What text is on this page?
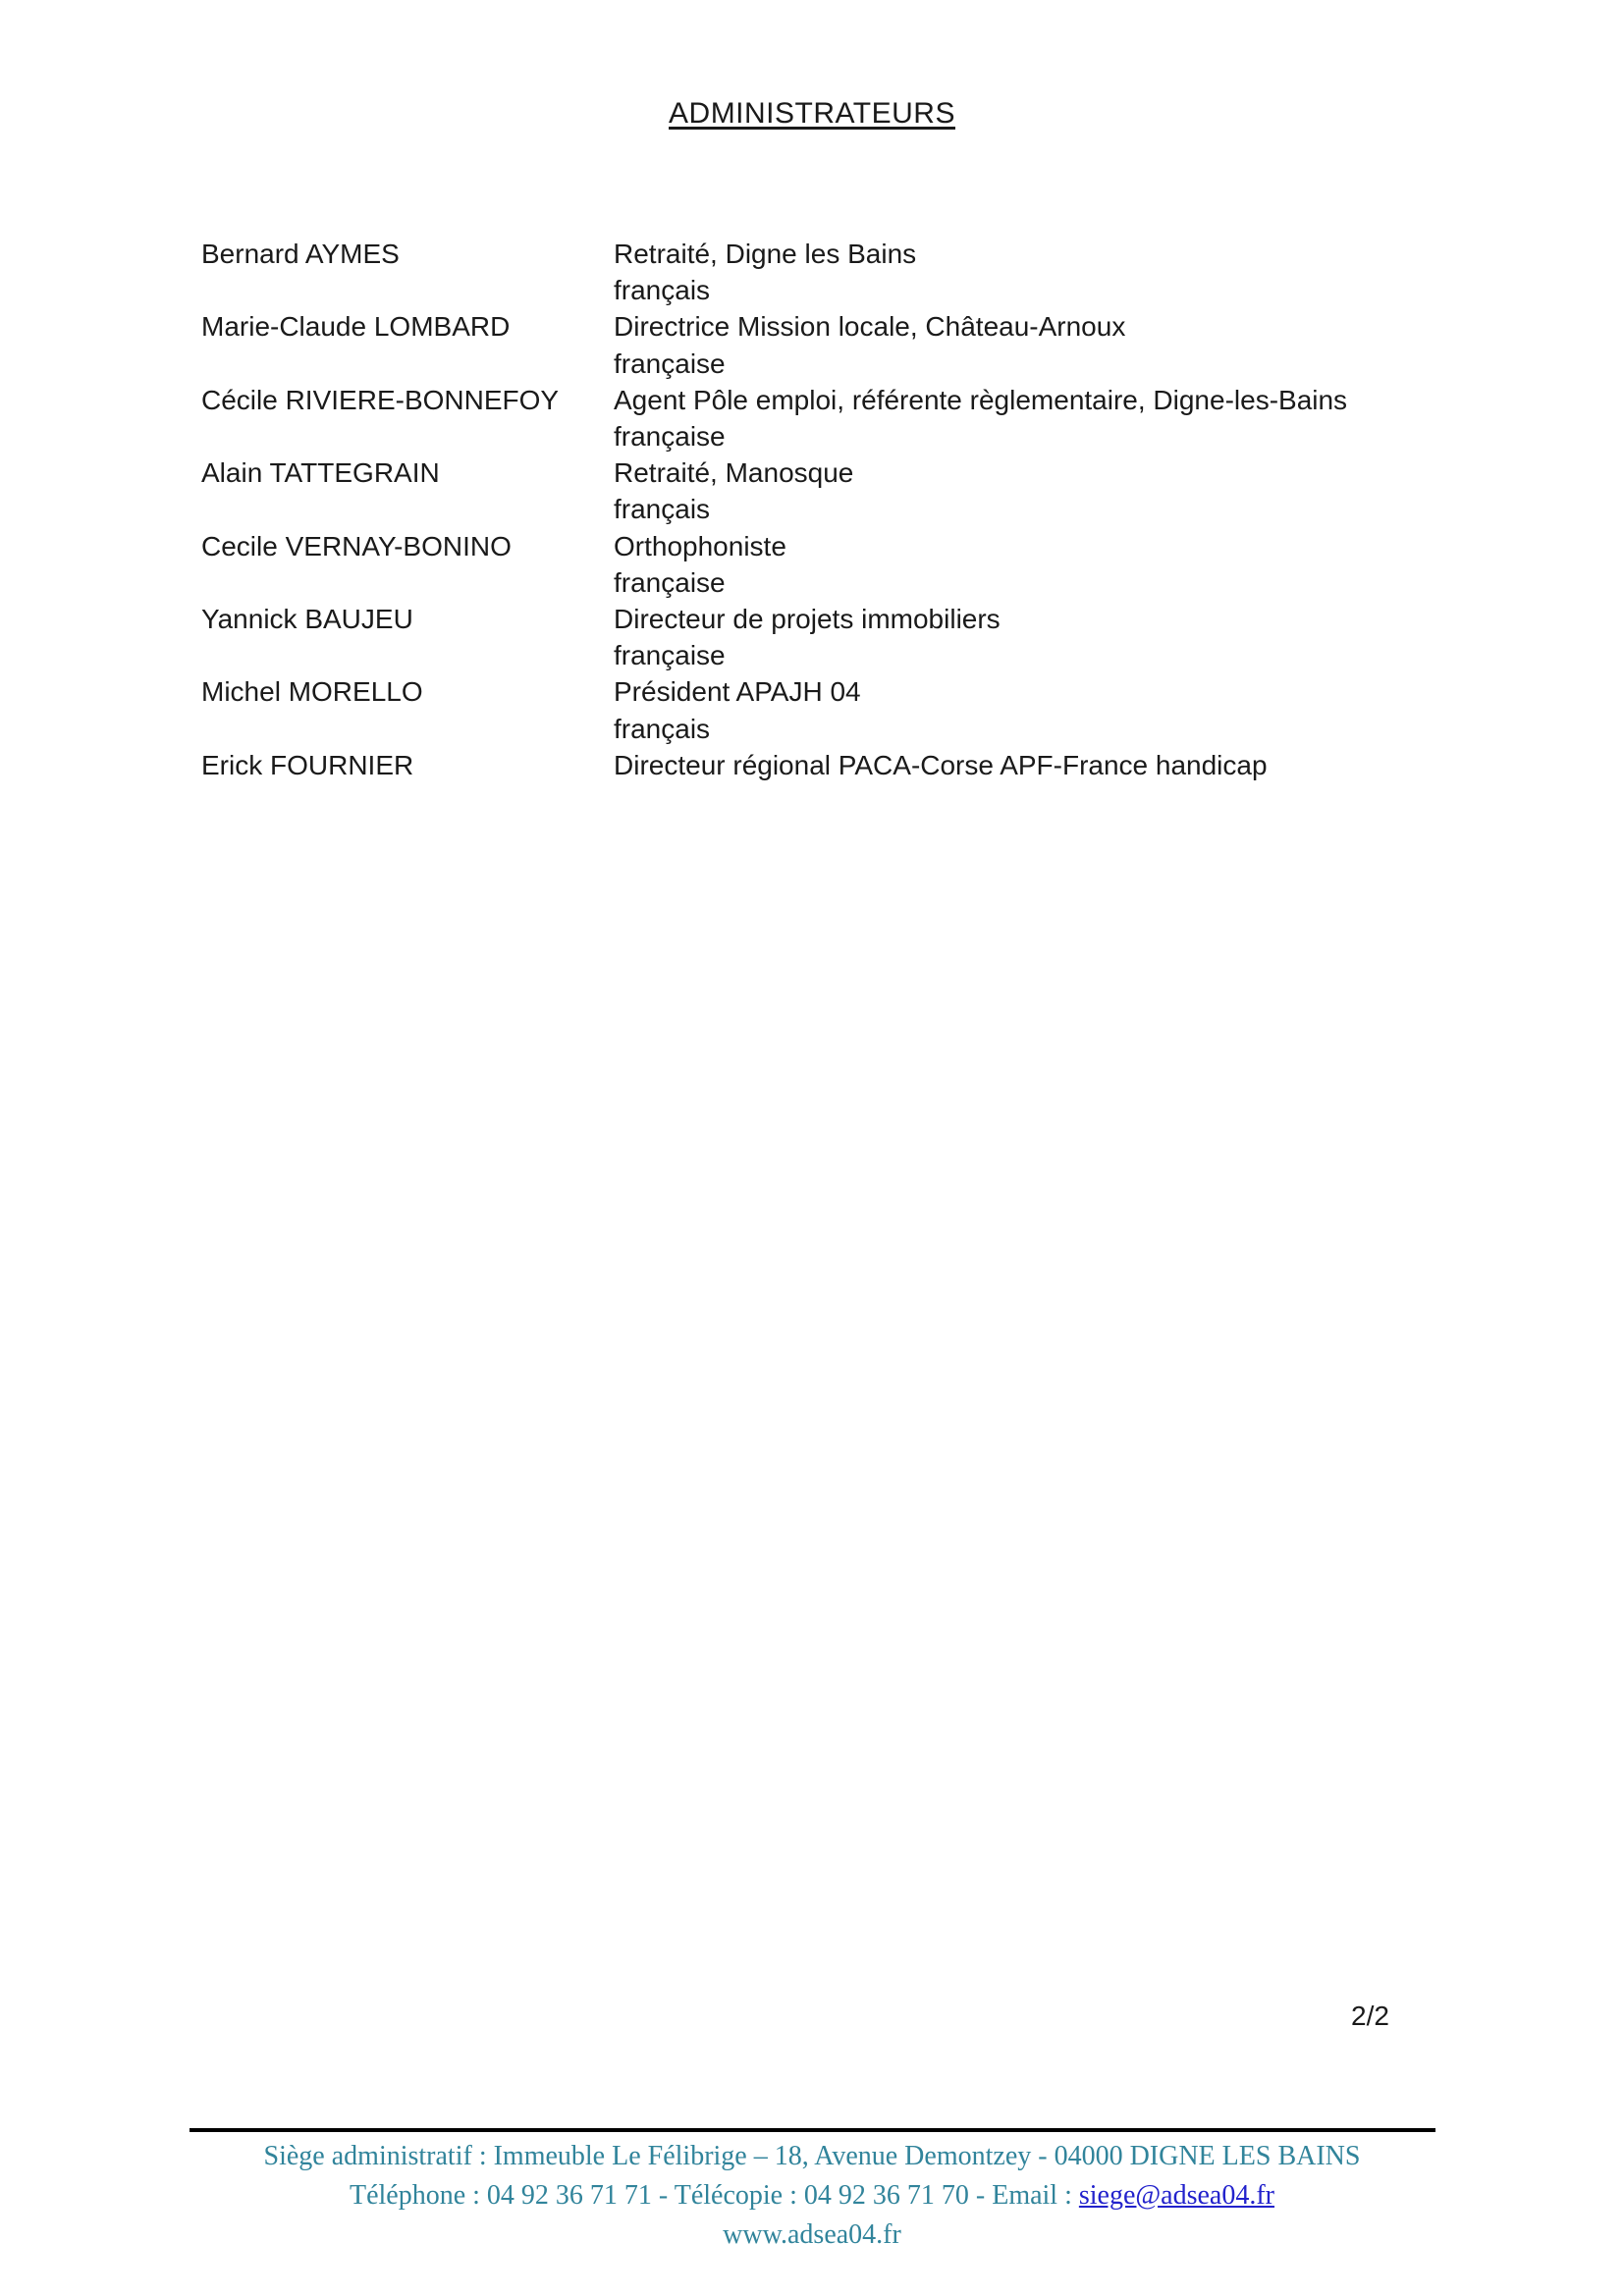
ADMINISTRATEURS
Bernard AYMES	Retraité, Digne les Bains
français
Marie-Claude LOMBARD	Directrice Mission locale, Château-Arnoux
française
Cécile RIVIERE-BONNEFOY	Agent Pôle emploi, référente règlementaire, Digne-les-Bains
française
Alain TATTEGRAIN	Retraité, Manosque
français
Cecile VERNAY-BONINO	Orthophoniste
française
Yannick BAUJEU	Directeur de projets immobiliers
française
Michel MORELLO	Président APAJH 04
français
Erick FOURNIER	Directeur régional PACA-Corse APF-France handicap
2/2
Siège administratif : Immeuble Le Félibrige – 18, Avenue Demontzey - 04000 DIGNE LES BAINS
Téléphone : 04 92 36 71 71 - Télécopie : 04 92 36 71 70 - Email : siege@adsea04.fr
www.adsea04.fr
